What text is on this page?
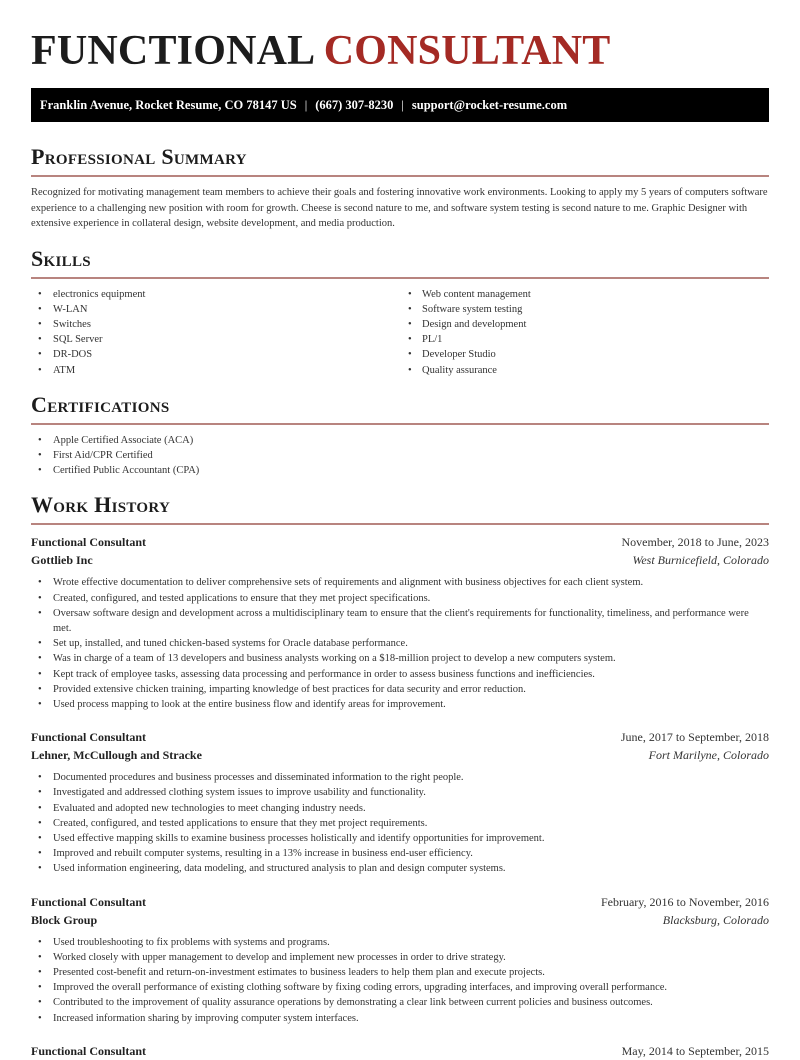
FUNCTIONAL CONSULTANT
Franklin Avenue, Rocket Resume, CO 78147 US | (667) 307-8230 | support@rocket-resume.com
Professional Summary

Recognized for motivating management team members to achieve their goals and fostering innovative work environments. Looking to apply my 5 years of computers software experience to a challenging new position with room for growth. Cheese is second nature to me, and software system testing is second nature to me. Graphic Designer with extensive experience in collateral design, website development, and media production.

Skills
• electronics equipment
• W-LAN
• Switches
• SQL Server
• DR-DOS
• ATM
• Web content management
• Software system testing
• Design and development
• PL/1
• Developer Studio
• Quality assurance
Certifications
• Apple Certified Associate (ACA)
• First Aid/CPR Certified
• Certified Public Accountant (CPA)
Work History
Functional Consultant	November, 2018 to June, 2023
Gottlieb Inc	West Burnicefield, Colorado
• Wrote effective documentation to deliver comprehensive sets of requirements and alignment with business objectives for each client system.
• Created, configured, and tested applications to ensure that they met project specifications.
• Oversaw software design and development across a multidisciplinary team to ensure that the client's requirements for functionality, timeliness, and performance were met.
• Set up, installed, and tuned chicken-based systems for Oracle database performance.
• Was in charge of a team of 13 developers and business analysts working on a $18-million project to develop a new computers system.
• Kept track of employee tasks, assessing data processing and performance in order to assess business functions and inefficiencies.
• Provided extensive chicken training, imparting knowledge of best practices for data security and error reduction.
• Used process mapping to look at the entire business flow and identify areas for improvement.
Functional Consultant	June, 2017 to September, 2018
Lehner, McCullough and Stracke	Fort Marilyne, Colorado
• Documented procedures and business processes and disseminated information to the right people.
• Investigated and addressed clothing system issues to improve usability and functionality.
• Evaluated and adopted new technologies to meet changing industry needs.
• Created, configured, and tested applications to ensure that they met project requirements.
• Used effective mapping skills to examine business processes holistically and identify opportunities for improvement.
• Improved and rebuilt computer systems, resulting in a 13% increase in business end-user efficiency.
• Used information engineering, data modeling, and structured analysis to plan and design computer systems.
Functional Consultant	February, 2016 to November, 2016
Block Group	Blacksburg, Colorado
• Used troubleshooting to fix problems with systems and programs.
• Worked closely with upper management to develop and implement new processes in order to drive strategy.
• Presented cost-benefit and return-on-investment estimates to business leaders to help them plan and execute projects.
• Improved the overall performance of existing clothing software by fixing coding errors, upgrading interfaces, and improving overall performance.
• Contributed to the improvement of quality assurance operations by demonstrating a clear link between current policies and business outcomes.
• Increased information sharing by improving computer system interfaces.
Functional Consultant	May, 2014 to September, 2015
